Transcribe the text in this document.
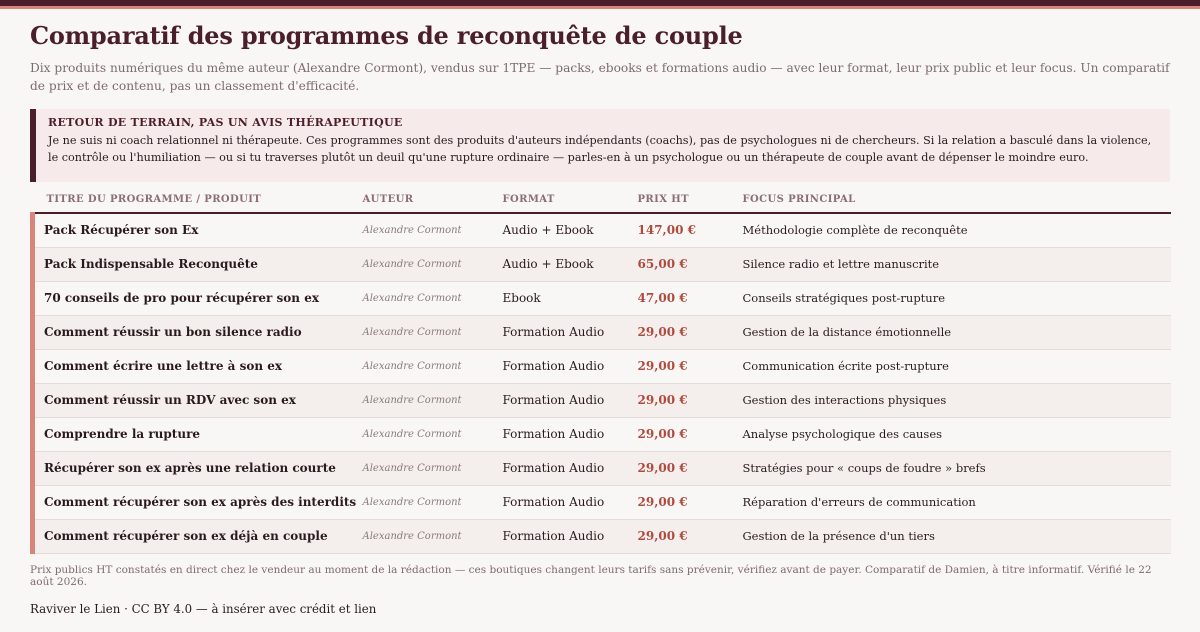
Comparatif des programmes de reconquête de couple

Dix produits numériques du même auteur (Alexandre Cormont), vendus sur 1TPE — packs, ebooks et formations audio — avec leur format, leur prix public et leur focus. Un comparatif de prix et de contenu, pas un classement d'efficacité.

RETOUR DE TERRAIN, PAS UN AVIS THÉRAPEUTIQUE
Je ne suis ni coach relationnel ni thérapeute. Ces programmes sont des produits d'auteurs indépendants (coachs), pas de psychologues ni de chercheurs. Si la relation a basculé dans la violence, le contrôle ou l'humiliation — ou si tu traverses plutôt un deuil qu'une rupture ordinaire — parles-en à un psychologue ou un thérapeute de couple avant de dépenser le moindre euro.
TITRE DU PROGRAMME / PRODUIT	AUTEUR	FORMAT	PRIX HT	FOCUS PRINCIPAL
Pack Récupérer son Ex	Alexandre Cormont	Audio + Ebook	147,00 €	Méthodologie complète de reconquête
Pack Indispensable Reconquête	Alexandre Cormont	Audio + Ebook	65,00 €	Silence radio et lettre manuscrite
70 conseils de pro pour récupérer son ex	Alexandre Cormont	Ebook	47,00 €	Conseils stratégiques post-rupture
Comment réussir un bon silence radio	Alexandre Cormont	Formation Audio	29,00 €	Gestion de la distance émotionnelle
Comment écrire une lettre à son ex	Alexandre Cormont	Formation Audio	29,00 €	Communication écrite post-rupture
Comment réussir un RDV avec son ex	Alexandre Cormont	Formation Audio	29,00 €	Gestion des interactions physiques
Comprendre la rupture	Alexandre Cormont	Formation Audio	29,00 €	Analyse psychologique des causes
Récupérer son ex après une relation courte	Alexandre Cormont	Formation Audio	29,00 €	Stratégies pour « coups de foudre » brefs
Comment récupérer son ex après des interdits	Alexandre Cormont	Formation Audio	29,00 €	Réparation d'erreurs de communication
Comment récupérer son ex déjà en couple	Alexandre Cormont	Formation Audio	29,00 €	Gestion de la présence d'un tiers
Prix publics HT constatés en direct chez le vendeur au moment de la rédaction — ces boutiques changent leurs tarifs sans prévenir, vérifiez avant de payer. Comparatif de Damien, à titre informatif. Vérifié le 22 août 2026.
Raviver le Lien · CC BY 4.0 — à insérer avec crédit et lien
